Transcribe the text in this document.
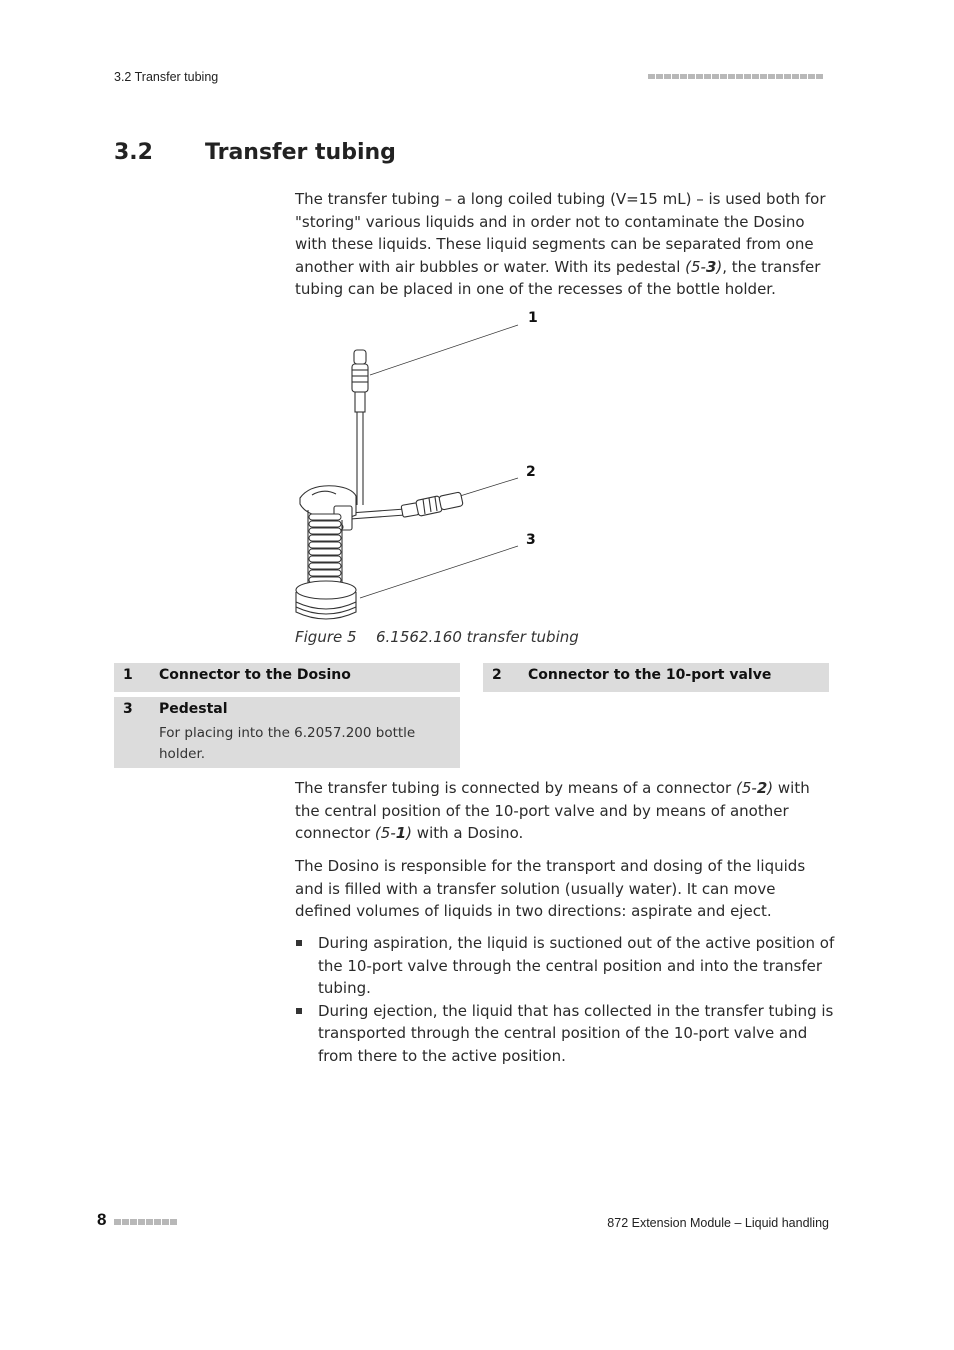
3.2 Transfer tubing
3.2 Transfer tubing

The transfer tubing – a long coiled tubing (V=15 mL) – is used both for "storing" various liquids and in order not to contaminate the Dosino with these liquids. These liquid segments can be separated from one another with air bubbles or water. With its pedestal (5-3), the transfer tubing can be placed in one of the recesses of the bottle holder.

1
2
3
Figure 5 6.1562.160 transfer tubing
1 Connector to the Dosino	2 Connector to the 10-port valve
3 Pedestal
For placing into the 6.2057.200 bottle holder.

The transfer tubing is connected by means of a connector (5-2) with the central position of the 10-port valve and by means of another connector (5-1) with a Dosino.

The Dosino is responsible for the transport and dosing of the liquids and is filled with a transfer solution (usually water). It can move defined volumes of liquids in two directions: aspirate and eject.

During aspiration, the liquid is suctioned out of the active position of the 10-port valve through the central position and into the transfer tubing.
During ejection, the liquid that has collected in the transfer tubing is transported through the central position of the 10-port valve and from there to the active position.
8	872 Extension Module – Liquid handling
